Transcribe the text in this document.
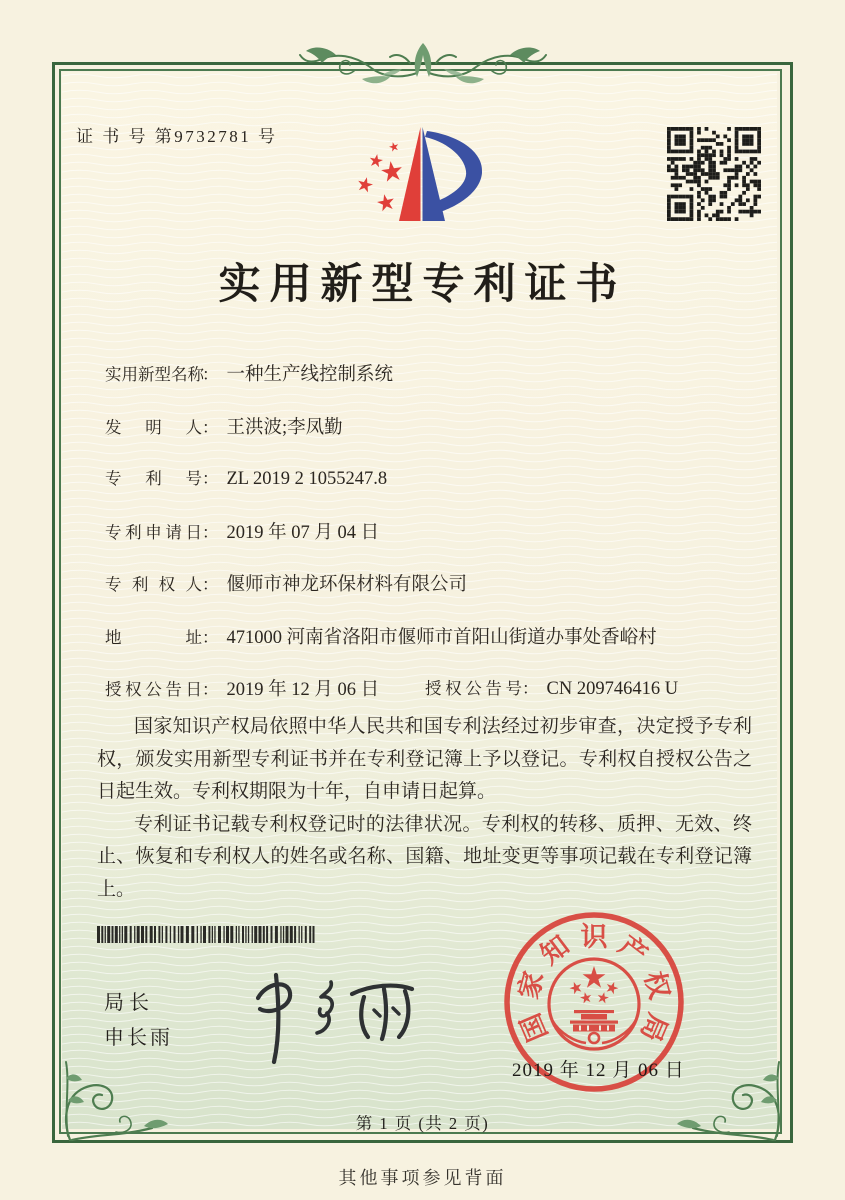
证 书 号 第9732781 号
实用新型专利证书
实用新型名称： 一种生产线控制系统
发明人： 王洪波;李凤勤
专利号： ZL 2019 2 1055247.8
专利申请日： 2019 年 07 月 04 日
专利权人： 偃师市神龙环保材料有限公司
地址： 471000 河南省洛阳市偃师市首阳山街道办事处香峪村
授权公告日： 2019 年 12 月 06 日	授权公告号： CN 209746416 U

国家知识产权局依照中华人民共和国专利法经过初步审查，决定授予专利权，颁发实用新型专利证书并在专利登记簿上予以登记。专利权自授权公告之日起生效。专利权期限为十年，自申请日起算。

专利证书记载专利权登记时的法律状况。专利权的转移、质押、无效、终止、恢复和专利权人的姓名或名称、国籍、地址变更等事项记载在专利登记簿上。

局长
申长雨	国
家
知 识 产
权
局
2019 年 12 月 06 日
第 1 页 (共 2 页)
其他事项参见背面
